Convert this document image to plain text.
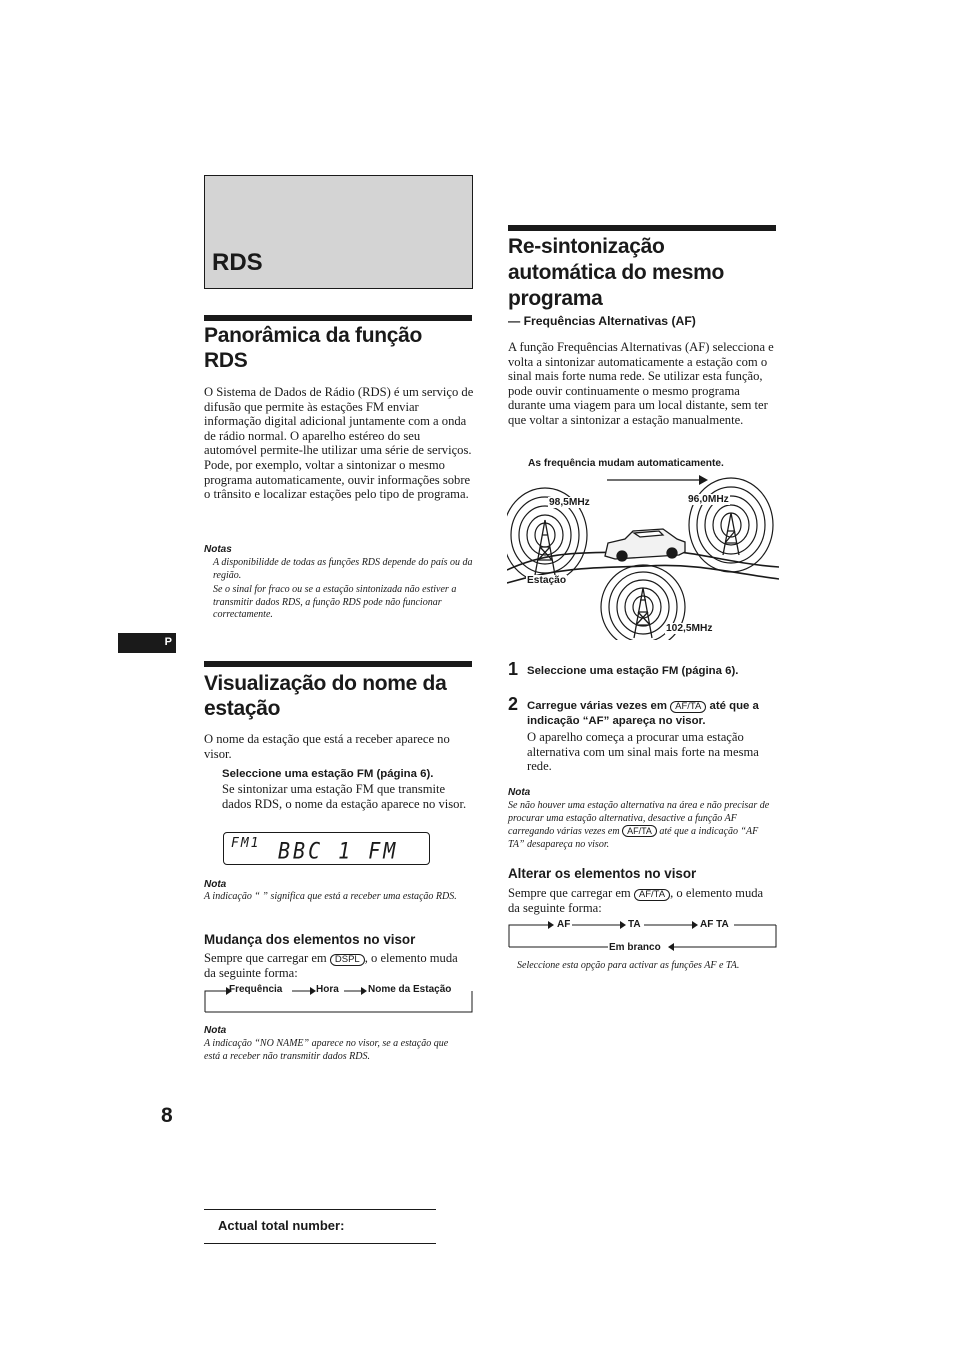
RDS
Panorâmica da função RDS
O Sistema de Dados de Rádio (RDS) é um serviço de difusão que permite às estações FM enviar informação digital adicional juntamente com a onda de rádio normal. O aparelho estéreo do seu automóvel permite-lhe utilizar uma série de serviços. Pode, por exemplo, voltar a sintonizar o mesmo programa automaticamente, ouvir informações sobre o trânsito e localizar estações pelo tipo de programa.
Notas
A disponibilidde de todas as funções RDS depende do país ou da região.
Se o sinal for fraco ou se a estação sintonizada não estiver a transmitir dados RDS, a função RDS pode não funcionar correctamente.
P
Visualização do nome da estação
O nome da estação que está a receber aparece no visor.
Seleccione uma estação FM (página 6).
Se sintonizar uma estação FM que transmite dados RDS, o nome da estação aparece no visor.
FM1 BBC 1 FM
Nota
A indicação “ ” significa que está a receber uma estação RDS.
Mudança dos elementos no visor
Sempre que carregar em DSPL , o elemento muda da seguinte forma:
Frequência	Hora	Nome da Estação
Nota
A indicação “NO NAME” aparece no visor, se a estação que está a receber não transmitir dados RDS.
8
Actual total number:
Re-sintonização
automática do mesmo
programa
— Frequências Alternativas (AF)
A função Frequências Alternativas (AF) selecciona e volta a sintonizar automaticamente a estação com o sinal mais forte numa rede. Se utilizar esta função, pode ouvir continuamente o mesmo programa durante uma viagem para um local distante, sem ter que voltar a sintonizar a estação manualmente.
As frequência mudam automaticamente.
98,5MHz	96,0MHz
Estação
102,5MHz
1 Seleccione uma estação FM (página 6).
2 Carregue várias vezes em AF/TA até que a indicação “AF” apareça no visor.
O aparelho começa a procurar uma estação alternativa com um sinal mais forte na mesma rede.
Nota
Se não houver uma estação alternativa na área e não precisar de procurar uma estação alternativa, desactive a função AF carregando várias vezes em AF/TA até que a indicação “AF TA” desapareça no visor.
Alterar os elementos no visor
Sempre que carregar em AF/TA , o elemento muda da seguinte forma:
AF	TA	AF TA
Em branco
Seleccione esta opção para activar as funções AF e TA.
